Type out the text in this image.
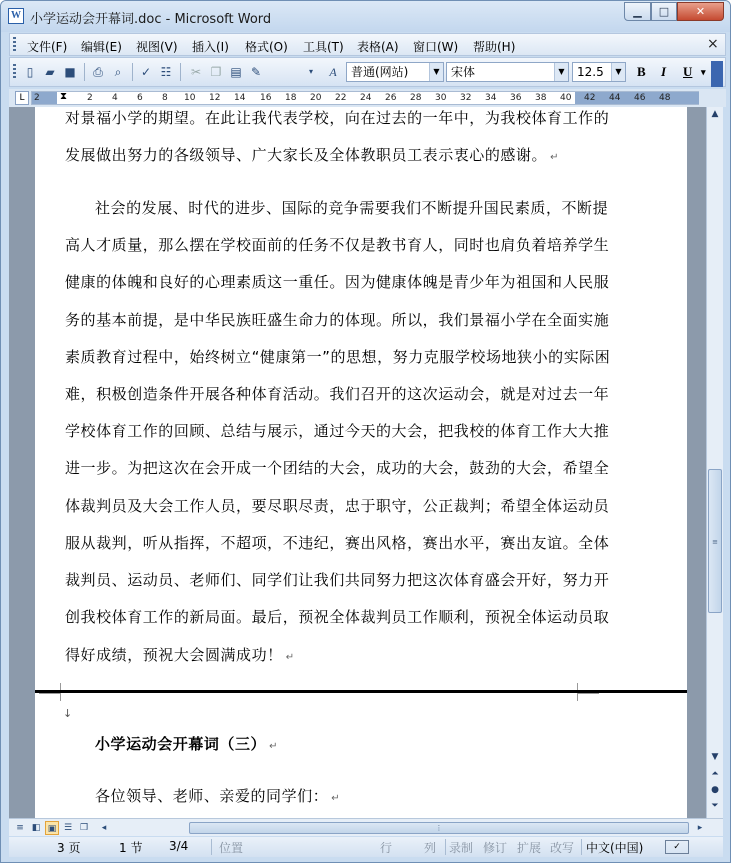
W 小学运动会开幕词.doc - Microsoft Word
▁	□	✕
文件(F) 编辑(E) 视图(V) 插入(I) 格式(O) 工具(T) 表格(A) 窗口(W) 帮助(H)	×
▯	▰ ■ ⎙ ⌕	✓ ☷ ✂ ❐ ▤ ✎	▾	A	普通(网站)	▼ 宋体	▼	12.5	▼ B I U ▾
L	2 ⧗ 2 4 6 8 10 12 14 16 18 20 22 24 26 28 30 32 34 36 38 40 42 44 46 48
对景福小学的期望。在此让我代表学校，向在过去的一年中，为我校体育工作的
发展做出努力的各级领导、广大家长及全体教职员工表示衷心的感谢。 ↵
社会的发展、时代的进步、国际的竞争需要我们不断提升国民素质，不断提
高人才质量，那么摆在学校面前的任务不仅是教书育人，同时也肩负着培养学生
健康的体魄和良好的心理素质这一重任。因为健康体魄是青少年为祖国和人民服
务的基本前提，是中华民族旺盛生命力的体现。所以，我们景福小学在全面实施
素质教育过程中，始终树立“健康第一”的思想，努力克服学校场地狭小的实际困
难，积极创造条件开展各种体育活动。我们召开的这次运动会，就是对过去一年
学校体育工作的回顾、总结与展示，通过今天的大会，把我校的体育工作大大推
进一步。为把这次在会开成一个团结的大会，成功的大会，鼓劲的大会，希望全
体裁判员及大会工作人员，要尽职尽责，忠于职守，公正裁判；希望全体运动员
服从裁判，听从指挥，不超项，不违纪，赛出风格，赛出水平，赛出友谊。全体
裁判员、运动员、老师们、同学们让我们共同努力把这次体育盛会开好，努力开
创我校体育工作的新局面。最后，预祝全体裁判员工作顺利，预祝全体运动员取
得好成绩，预祝大会圆满成功！ ↵
↓
小学运动会开幕词（三） ↵
各位领导、老师、亲爱的同学们： ↵
▲
≡
▼
⏶
●
⏷
≡ ◧ ▣ ☰ ❒	◂	⋮	▸
3 页	1 节 3/4	位置	行	列 录制 修订 扩展 改写 中文(中国)	✓
